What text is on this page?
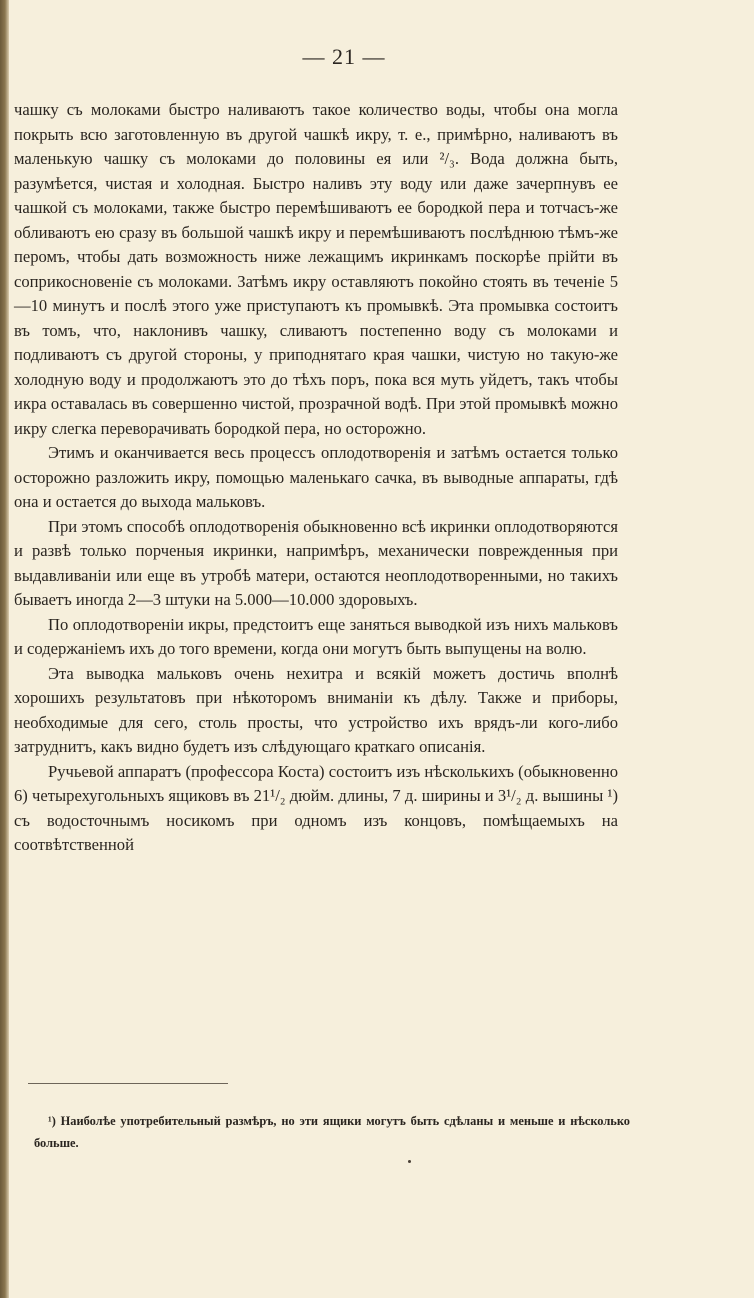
— 21 —

чашку съ молоками быстро наливаютъ такое количество воды, чтобы она могла покрыть всю заготовленную въ другой чашкѣ икру, т. е., примѣрно, наливаютъ въ маленькую чашку съ молоками до половины ея или ²/₃. Вода должна быть, разумѣется, чистая и холодная. Быстро наливъ эту воду или даже зачерпнувъ ее чашкой съ молоками, также быстро перемѣшиваютъ ее бородкой пера и тотчасъ-же обливаютъ ею сразу въ большой чашкѣ икру и перемѣшиваютъ послѣднюю тѣмъ-же перомъ, чтобы дать возможность ниже лежащимъ икринкамъ поскорѣе прійти въ соприкосновеніе съ молоками. Затѣмъ икру оставляютъ покойно стоять въ теченіе 5—10 минутъ и послѣ этого уже приступаютъ къ промывкѣ. Эта промывка состоитъ въ томъ, что, наклонивъ чашку, сливаютъ постепенно воду съ молоками и подливаютъ съ другой стороны, у приподнятаго края чашки, чистую но такую-же холодную воду и продолжаютъ это до тѣхъ поръ, пока вся муть уйдетъ, такъ чтобы икра оставалась въ совершенно чистой, прозрачной водѣ. При этой промывкѣ можно икру слегка переворачивать бородкой пера, но осторожно.

Этимъ и оканчивается весь процессъ оплодотворенія и затѣмъ остается только осторожно разложить икру, помощью маленькаго сачка, въ выводные аппараты, гдѣ она и остается до выхода мальковъ.

При этомъ способѣ оплодотворенія обыкновенно всѣ икринки оплодотворяются и развѣ только порченыя икринки, напримѣръ, механически поврежденныя при выдавливаніи или еще въ утробѣ матери, остаются неоплодотворенными, но такихъ бываетъ иногда 2—3 штуки на 5.000—10.000 здоровыхъ.

По оплодотвореніи икры, предстоитъ еще заняться выводкой изъ нихъ мальковъ и содержаніемъ ихъ до того времени, когда они могутъ быть выпущены на волю.

Эта выводка мальковъ очень нехитра и всякій можетъ достичь вполнѣ хорошихъ результатовъ при нѣкоторомъ вниманіи къ дѣлу. Также и приборы, необходимые для сего, столь просты, что устройство ихъ врядъ-ли кого-либо затруднитъ, какъ видно будетъ изъ слѣдующаго краткаго описанія.

Ручьевой аппаратъ (профессора Коста) состоитъ изъ нѣсколькихъ (обыкновенно 6) четырехугольныхъ ящиковъ въ 21¹/₂ дюйм. длины, 7 д. ширины и 3¹/₂ д. вышины ¹) съ водосточнымъ носикомъ при одномъ изъ концовъ, помѣщаемыхъ на соотвѣтственной

¹) Наиболѣе употребительный размѣръ, но эти ящики могутъ быть сдѣланы и меньше и нѣсколько больше.
